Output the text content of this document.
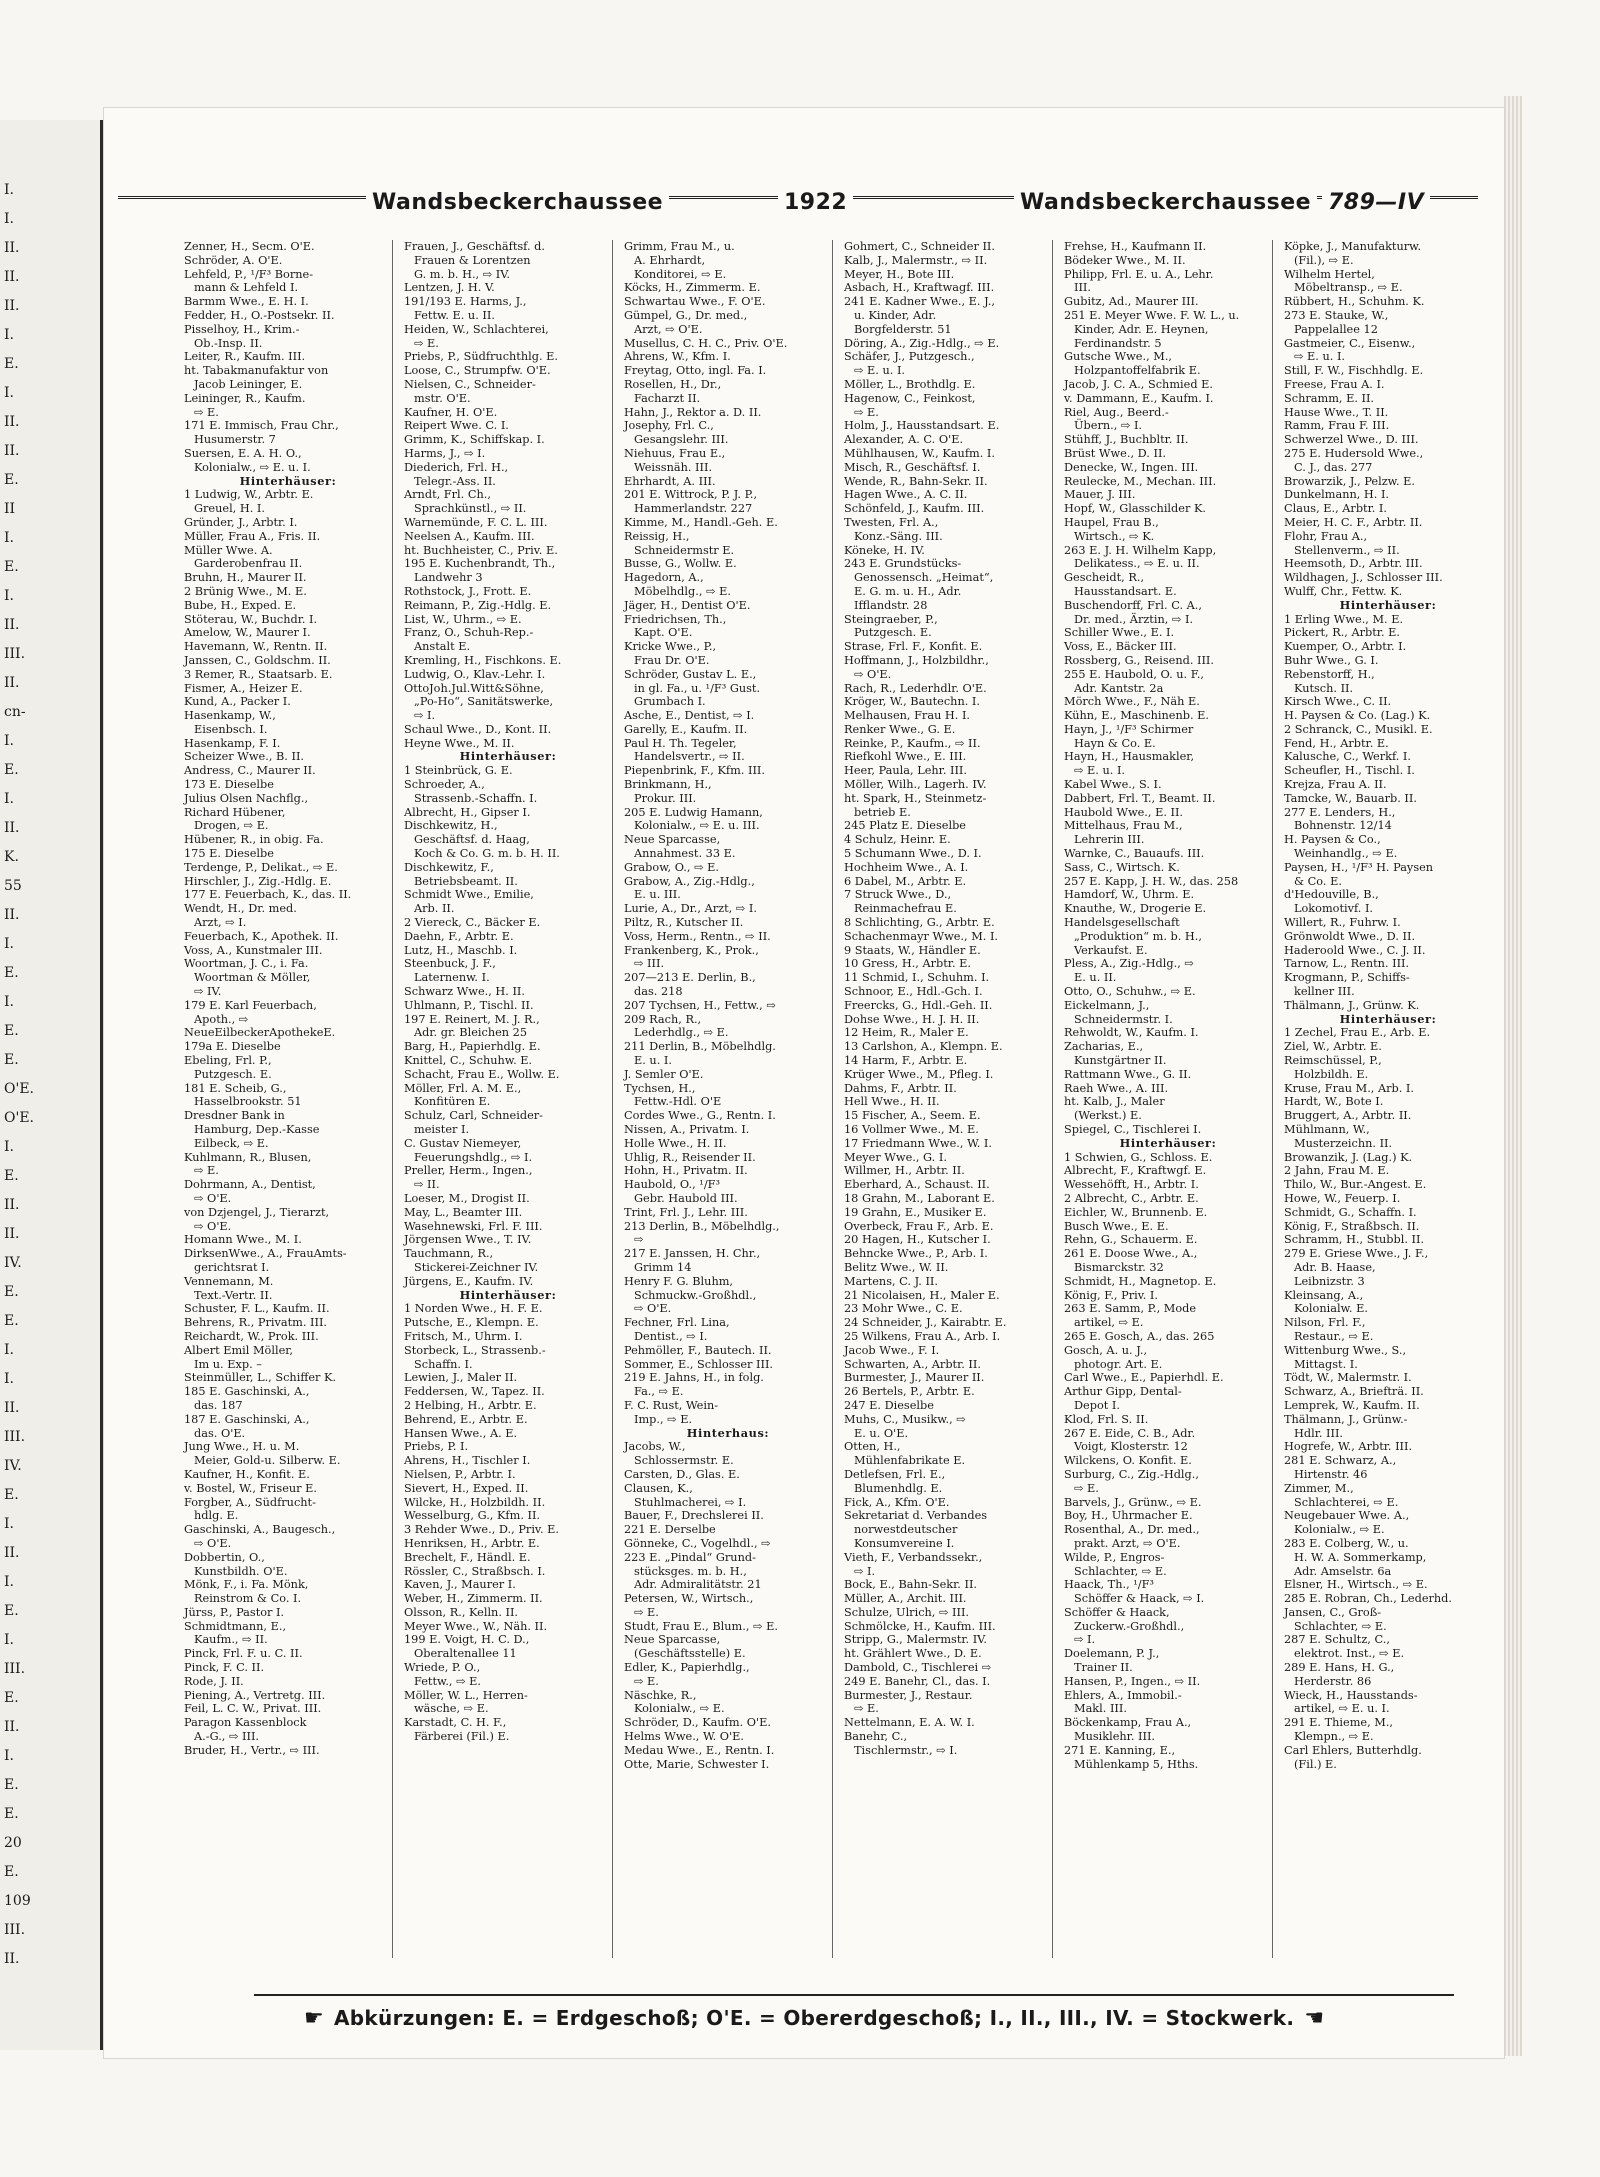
I.
I.
II.
II.
II.
I.
E.
I.
II.
II.
E.
II
I.
E.
I.
II.
III.
II.
cn-
I.
E.
I.
II.
K.
55
II.
I.
E.
I.
E.
E.
O'E.
O'E.
I.
E.
II.
II.
IV.
E.
E.
I.
I.
II.
III.
IV.
E.
I.
II.
I.
E.
I.
III.
E.
II.
I.
E.
E.
20
E.
109
III.
II.
Wandsbeckerchaussee	1922	Wandsbeckerchaussee 789—IV
Zenner, H., Secm. O'E.
Schröder, A. O'E.
Lehfeld, P., ¹/F³ Borne-
mann & Lehfeld I.
Barmm Wwe., E. H. I.
Fedder, H., O.-Postsekr. II.
Pisselhoy, H., Krim.-
Ob.-Insp. II.
Leiter, R., Kaufm. III.
ht. Tabakmanufaktur von
Jacob Leininger, E.
Leininger, R., Kaufm.
⇨ E.
171 E. Immisch, Frau Chr.,
Husumerstr. 7
Suersen, E. A. H. O.,
Kolonialw., ⇨ E. u. I.
Hinterhäuser:
1 Ludwig, W., Arbtr. E.
Greuel, H. I.
Gründer, J., Arbtr. I.
Müller, Frau A., Fris. II.
Müller Wwe. A.
Garderobenfrau II.
Bruhn, H., Maurer II.
2 Brünig Wwe., M. E.
Bube, H., Exped. E.
Stöterau, W., Buchdr. I.
Amelow, W., Maurer I.
Havemann, W., Rentn. II.
Janssen, C., Goldschm. II.
3 Remer, R., Staatsarb. E.
Fismer, A., Heizer E.
Kund, A., Packer I.
Hasenkamp, W.,
Eisenbsch. I.
Hasenkamp, F. I.
Scheizer Wwe., B. II.
Andress, C., Maurer II.
173 E. Dieselbe
Julius Olsen Nachflg.,
Richard Hübener,
Drogen, ⇨ E.
Hübener, R., in obig. Fa.
175 E. Dieselbe
Terdenge, P., Delikat., ⇨ E.
Hirschler, J., Zig.-Hdlg. E.
177 E. Feuerbach, K., das. II.
Wendt, H., Dr. med.
Arzt, ⇨ I.
Feuerbach, K., Apothek. II.
Voss, A., Kunstmaler III.
Woortman, J. C., i. Fa.
Woortman & Möller,
⇨ IV.
179 E. Karl Feuerbach,
Apoth., ⇨
NeueEilbeckerApothekeE.
179a E. Dieselbe
Ebeling, Frl. P.,
Putzgesch. E.
181 E. Scheib, G.,
Hasselbrookstr. 51
Dresdner Bank in
Hamburg, Dep.-Kasse
Eilbeck, ⇨ E.
Kuhlmann, R., Blusen,
⇨ E.
Dohrmann, A., Dentist,
⇨ O'E.
von Dzjengel, J., Tierarzt,
⇨ O'E.
Homann Wwe., M. I.
DirksenWwe., A., FrauAmts-
gerichtsrat I.
Vennemann, M.
Text.-Vertr. II.
Schuster, F. L., Kaufm. II.
Behrens, R., Privatm. III.
Reichardt, W., Prok. III.
Albert Emil Möller,
Im u. Exp. –
Steinmüller, L., Schiffer K.
185 E. Gaschinski, A.,
das. 187
187 E. Gaschinski, A.,
das. O'E.
Jung Wwe., H. u. M.
Meier, Gold-u. Silberw. E.
Kaufner, H., Konfit. E.
v. Bostel, W., Friseur E.
Forgber, A., Südfrucht-
hdlg. E.
Gaschinski, A., Baugesch.,
⇨ O'E.
Dobbertin, O.,
Kunstbildh. O'E.
Mönk, F., i. Fa. Mönk,
Reinstrom & Co. I.
Jürss, P., Pastor I.
Schmidtmann, E.,
Kaufm., ⇨ II.
Pinck, Frl. F. u. C. II.
Pinck, F. C. II.
Rode, J. II.
Piening, A., Vertretg. III.
Feil, L. C. W., Privat. III.
Paragon Kassenblock
A.-G., ⇨ III.
Bruder, H., Vertr., ⇨ III.
Frauen, J., Geschäftsf. d.
Frauen & Lorentzen
G. m. b. H., ⇨ IV.
Lentzen, J. H. V.
191/193 E. Harms, J.,
Fettw. E. u. II.
Heiden, W., Schlachterei,
⇨ E.
Priebs, P., Südfruchthlg. E.
Loose, C., Strumpfw. O'E.
Nielsen, C., Schneider-
mstr. O'E.
Kaufner, H. O'E.
Reipert Wwe. C. I.
Grimm, K., Schiffskap. I.
Harms, J., ⇨ I.
Diederich, Frl. H.,
Telegr.-Ass. II.
Arndt, Frl. Ch.,
Sprachkünstl., ⇨ II.
Warnemünde, F. C. L. III.
Neelsen A., Kaufm. III.
ht. Buchheister, C., Priv. E.
195 E. Kuchenbrandt, Th.,
Landwehr 3
Rothstock, J., Frott. E.
Reimann, P., Zig.-Hdlg. E.
List, W., Uhrm., ⇨ E.
Franz, O., Schuh-Rep.-
Anstalt E.
Kremling, H., Fischkons. E.
Ludwig, O., Klav.-Lehr. I.
OttoJoh.Jul.Witt&Söhne,
„Po-Ho“, Sanitätswerke,
⇨ I.
Schaul Wwe., D., Kont. II.
Heyne Wwe., M. II.
Hinterhäuser:
1 Steinbrück, G. E.
Schroeder, A.,
Strassenb.-Schaffn. I.
Albrecht, H., Gipser I.
Dischkewitz, H.,
Geschäftsf. d. Haag,
Koch & Co. G. m. b. H. II.
Dischkewitz, F.,
Betriebsbeamt. II.
Schmidt Wwe., Emilie,
Arb. II.
2 Viereck, C., Bäcker E.
Daehn, F., Arbtr. E.
Lutz, H., Maschb. I.
Steenbuck, J. F.,
Laternenw. I.
Schwarz Wwe., H. II.
Uhlmann, P., Tischl. II.
197 E. Reinert, M. J. R.,
Adr. gr. Bleichen 25
Barg, H., Papierhdlg. E.
Knittel, C., Schuhw. E.
Schacht, Frau E., Wollw. E.
Möller, Frl. A. M. E.,
Konfitüren E.
Schulz, Carl, Schneider-
meister I.
C. Gustav Niemeyer,
Feuerungshdlg., ⇨ I.
Preller, Herm., Ingen.,
⇨ II.
Loeser, M., Drogist II.
May, L., Beamter III.
Wasehnewski, Frl. F. III.
Jörgensen Wwe., T. IV.
Tauchmann, R.,
Stickerei-Zeichner IV.
Jürgens, E., Kaufm. IV.
Hinterhäuser:
1 Norden Wwe., H. F. E.
Putsche, E., Klempn. E.
Fritsch, M., Uhrm. I.
Storbeck, L., Strassenb.-
Schaffn. I.
Lewien, J., Maler II.
Feddersen, W., Tapez. II.
2 Helbing, H., Arbtr. E.
Behrend, E., Arbtr. E.
Hansen Wwe., A. E.
Priebs, P. I.
Ahrens, H., Tischler I.
Nielsen, P., Arbtr. I.
Sievert, H., Exped. II.
Wilcke, H., Holzbildh. II.
Wesselburg, G., Kfm. II.
3 Rehder Wwe., D., Priv. E.
Henriksen, H., Arbtr. E.
Brechelt, F., Händl. E.
Rössler, C., Straßbsch. I.
Kaven, J., Maurer I.
Weber, H., Zimmerm. II.
Olsson, R., Kelln. II.
Meyer Wwe., W., Näh. II.
199 E. Voigt, H. C. D.,
Oberaltenallee 11
Wriede, P. O.,
Fettw., ⇨ E.
Möller, W. L., Herren-
wäsche, ⇨ E.
Karstadt, C. H. F.,
Färberei (Fil.) E.
Grimm, Frau M., u.
A. Ehrhardt,
Konditorei, ⇨ E.
Köcks, H., Zimmerm. E.
Schwartau Wwe., F. O'E.
Gümpel, G., Dr. med.,
Arzt, ⇨ O'E.
Musellus, C. H. C., Priv. O'E.
Ahrens, W., Kfm. I.
Freytag, Otto, ingl. Fa. I.
Rosellen, H., Dr.,
Facharzt II.
Hahn, J., Rektor a. D. II.
Josephy, Frl. C.,
Gesangslehr. III.
Niehuus, Frau E.,
Weissnäh. III.
Ehrhardt, A. III.
201 E. Wittrock, P. J. P.,
Hammerlandstr. 227
Kimme, M., Handl.-Geh. E.
Reissig, H.,
Schneidermstr E.
Busse, G., Wollw. E.
Hagedorn, A.,
Möbelhdlg., ⇨ E.
Jäger, H., Dentist O'E.
Friedrichsen, Th.,
Kapt. O'E.
Kricke Wwe., P.,
Frau Dr. O'E.
Schröder, Gustav L. E.,
in gl. Fa., u. ¹/F³ Gust.
Grumbach I.
Asche, E., Dentist, ⇨ I.
Garelly, E., Kaufm. II.
Paul H. Th. Tegeler,
Handelsvertr., ⇨ II.
Piepenbrink, F., Kfm. III.
Brinkmann, H.,
Prokur. III.
205 E. Ludwig Hamann,
Kolonialw., ⇨ E. u. III.
Neue Sparcasse,
Annahmest. 33 E.
Grabow, O., ⇨ E.
Grabow, A., Zig.-Hdlg.,
E. u. III.
Lurie, A., Dr., Arzt, ⇨ I.
Piltz, R., Kutscher II.
Voss, Herm., Rentn., ⇨ II.
Frankenberg, K., Prok.,
⇨ III.
207—213 E. Derlin, B.,
das. 218
207 Tychsen, H., Fettw., ⇨
209 Rach, R.,
Lederhdlg., ⇨ E.
211 Derlin, B., Möbelhdlg.
E. u. I.
J. Semler O'E.
Tychsen, H.,
Fettw.-Hdl. O'E
Cordes Wwe., G., Rentn. I.
Nissen, A., Privatm. I.
Holle Wwe., H. II.
Uhlig, R., Reisender II.
Hohn, H., Privatm. II.
Haubold, O., ¹/F³
Gebr. Haubold III.
Trint, Frl. J., Lehr. III.
213 Derlin, B., Möbelhdlg.,
⇨
217 E. Janssen, H. Chr.,
Grimm 14
Henry F. G. Bluhm,
Schmuckw.-Großhdl.,
⇨ O'E.
Fechner, Frl. Lina,
Dentist., ⇨ I.
Pehmöller, F., Bautech. II.
Sommer, E., Schlosser III.
219 E. Jahns, H., in folg.
Fa., ⇨ E.
F. C. Rust, Wein-
Imp., ⇨ E.
Hinterhaus:
Jacobs, W.,
Schlossermstr. E.
Carsten, D., Glas. E.
Clausen, K.,
Stuhlmacherei, ⇨ I.
Bauer, F., Drechslerei II.
221 E. Derselbe
Gönneke, C., Vogelhdl., ⇨
223 E. „Pindal“ Grund-
stücksges. m. b. H.,
Adr. Admiralitätstr. 21
Petersen, W., Wirtsch.,
⇨ E.
Studt, Frau E., Blum., ⇨ E.
Neue Sparcasse,
(Geschäftsstelle) E.
Edler, K., Papierhdlg.,
⇨ E.
Näschke, R.,
Kolonialw., ⇨ E.
Schröder, D., Kaufm. O'E.
Helms Wwe., W. O'E.
Medau Wwe., E., Rentn. I.
Otte, Marie, Schwester I.
Gohmert, C., Schneider II.
Kalb, J., Malermstr., ⇨ II.
Meyer, H., Bote III.
Asbach, H., Kraftwagf. III.
241 E. Kadner Wwe., E. J.,
u. Kinder, Adr.
Borgfelderstr. 51
Döring, A., Zig.-Hdlg., ⇨ E.
Schäfer, J., Putzgesch.,
⇨ E. u. I.
Möller, L., Brothdlg. E.
Hagenow, C., Feinkost,
⇨ E.
Holm, J., Hausstandsart. E.
Alexander, A. C. O'E.
Mühlhausen, W., Kaufm. I.
Misch, R., Geschäftsf. I.
Wende, R., Bahn-Sekr. II.
Hagen Wwe., A. C. II.
Schönfeld, J., Kaufm. III.
Twesten, Frl. A.,
Konz.-Säng. III.
Köneke, H. IV.
243 E. Grundstücks-
Genossensch. „Heimat“,
E. G. m. u. H., Adr.
Ifflandstr. 28
Steingraeber, P.,
Putzgesch. E.
Strase, Frl. F., Konfit. E.
Hoffmann, J., Holzbildhr.,
⇨ O'E.
Rach, R., Lederhdlr. O'E.
Kröger, W., Bautechn. I.
Melhausen, Frau H. I.
Renker Wwe., G. E.
Reinke, P., Kaufm., ⇨ II.
Riefkohl Wwe., E. III.
Heer, Paula, Lehr. III.
Möller, Wilh., Lagerh. IV.
ht. Spark, H., Steinmetz-
betrieb E.
245 Platz E. Dieselbe
4 Schulz, Heinr. E.
5 Schumann Wwe., D. I.
Hochheim Wwe., A. I.
6 Dabel, M., Arbtr. E.
7 Struck Wwe., D.,
Reinmachefrau E.
8 Schlichting, G., Arbtr. E.
Schachenmayr Wwe., M. I.
9 Staats, W., Händler E.
10 Gress, H., Arbtr. E.
11 Schmid, I., Schuhm. I.
Schnoor, E., Hdl.-Gch. I.
Freercks, G., Hdl.-Geh. II.
Dohse Wwe., H. J. H. II.
12 Heim, R., Maler E.
13 Carlshon, A., Klempn. E.
14 Harm, F., Arbtr. E.
Krüger Wwe., M., Pfleg. I.
Dahms, F., Arbtr. II.
Hell Wwe., H. II.
15 Fischer, A., Seem. E.
16 Vollmer Wwe., M. E.
17 Friedmann Wwe., W. I.
Meyer Wwe., G. I.
Willmer, H., Arbtr. II.
Eberhard, A., Schaust. II.
18 Grahn, M., Laborant E.
19 Grahn, E., Musiker E.
Overbeck, Frau F., Arb. E.
20 Hagen, H., Kutscher I.
Behncke Wwe., P., Arb. I.
Belitz Wwe., W. II.
Martens, C. J. II.
21 Nicolaisen, H., Maler E.
23 Mohr Wwe., C. E.
24 Schneider, J., Kairabtr. E.
25 Wilkens, Frau A., Arb. I.
Jacob Wwe., F. I.
Schwarten, A., Arbtr. II.
Burmester, J., Maurer II.
26 Bertels, P., Arbtr. E.
247 E. Dieselbe
Muhs, C., Musikw., ⇨
E. u. O'E.
Otten, H.,
Mühlenfabrikate E.
Detlefsen, Frl. E.,
Blumenhdlg. E.
Fick, A., Kfm. O'E.
Sekretariat d. Verbandes
norwestdeutscher
Konsumvereine I.
Vieth, F., Verbandssekr.,
⇨ I.
Bock, E., Bahn-Sekr. II.
Müller, A., Archit. III.
Schulze, Ulrich, ⇨ III.
Schmölcke, H., Kaufm. III.
Stripp, G., Malermstr. IV.
ht. Grählert Wwe., D. E.
Dambold, C., Tischlerei ⇨
249 E. Banehr, Cl., das. I.
Burmester, J., Restaur.
⇨ E.
Nettelmann, E. A. W. I.
Banehr, C.,
Tischlermstr., ⇨ I.
Frehse, H., Kaufmann II.
Bödeker Wwe., M. II.
Philipp, Frl. E. u. A., Lehr.
III.
Gubitz, Ad., Maurer III.
251 E. Meyer Wwe. F. W. L., u.
Kinder, Adr. E. Heynen,
Ferdinandstr. 5
Gutsche Wwe., M.,
Holzpantoffelfabrik E.
Jacob, J. C. A., Schmied E.
v. Dammann, E., Kaufm. I.
Riel, Aug., Beerd.-
Übern., ⇨ I.
Stühff, J., Buchbltr. II.
Brüst Wwe., D. II.
Denecke, W., Ingen. III.
Reulecke, M., Mechan. III.
Mauer, J. III.
Hopf, W., Glasschilder K.
Haupel, Frau B.,
Wirtsch., ⇨ K.
263 E. J. H. Wilhelm Kapp,
Delikatess., ⇨ E. u. II.
Gescheidt, R.,
Hausstandsart. E.
Buschendorff, Frl. C. A.,
Dr. med., Ärztin, ⇨ I.
Schiller Wwe., E. I.
Voss, E., Bäcker III.
Rossberg, G., Reisend. III.
255 E. Haubold, O. u. F.,
Adr. Kantstr. 2a
Mörch Wwe., F., Näh E.
Kühn, E., Maschinenb. E.
Hayn, J., ¹/F³ Schirmer
Hayn & Co. E.
Hayn, H., Hausmakler,
⇨ E. u. I.
Kabel Wwe., S. I.
Dabbert, Frl. T., Beamt. II.
Haubold Wwe., E. II.
Mittelhaus, Frau M.,
Lehrerin III.
Warnke, C., Bauaufs. III.
Sass, C., Wirtsch. K.
257 E. Kapp, J. H. W., das. 258
Hamdorf, W., Uhrm. E.
Knauthe, W., Drogerie E.
Handelsgesellschaft
„Produktion“ m. b. H.,
Verkaufst. E.
Pless, A., Zig.-Hdlg., ⇨
E. u. II.
Otto, O., Schuhw., ⇨ E.
Eickelmann, J.,
Schneidermstr. I.
Rehwoldt, W., Kaufm. I.
Zacharias, E.,
Kunstgärtner II.
Rattmann Wwe., G. II.
Raeh Wwe., A. III.
ht. Kalb, J., Maler
(Werkst.) E.
Spiegel, C., Tischlerei I.
Hinterhäuser:
1 Schwien, G., Schloss. E.
Albrecht, F., Kraftwgf. E.
Wessehöfft, H., Arbtr. I.
2 Albrecht, C., Arbtr. E.
Eichler, W., Brunnenb. E.
Busch Wwe., E. E.
Rehn, G., Schauerm. E.
261 E. Doose Wwe., A.,
Bismarckstr. 32
Schmidt, H., Magnetop. E.
König, F., Priv. I.
263 E. Samm, P., Mode
artikel, ⇨ E.
265 E. Gosch, A., das. 265
Gosch, A. u. J.,
photogr. Art. E.
Carl Wwe., E., Papierhdl. E.
Arthur Gipp, Dental-
Depot I.
Klod, Frl. S. II.
267 E. Eide, C. B., Adr.
Voigt, Klosterstr. 12
Wilckens, O. Konfit. E.
Surburg, C., Zig.-Hdlg.,
⇨ E.
Barvels, J., Grünw., ⇨ E.
Boy, H., Uhrmacher E.
Rosenthal, A., Dr. med.,
prakt. Arzt, ⇨ O'E.
Wilde, P., Engros-
Schlachter, ⇨ E.
Haack, Th., ¹/F³
Schöffer & Haack, ⇨ I.
Schöffer & Haack,
Zuckerw.-Großhdl.,
⇨ I.
Doelemann, P. J.,
Trainer II.
Hansen, P., Ingen., ⇨ II.
Ehlers, A., Immobil.-
Makl. III.
Böckenkamp, Frau A.,
Musiklehr. III.
271 E. Kanning, E.,
Mühlenkamp 5, Hths.
Köpke, J., Manufakturw.
(Fil.), ⇨ E.
Wilhelm Hertel,
Möbeltransp., ⇨ E.
Rübbert, H., Schuhm. K.
273 E. Stauke, W.,
Pappelallee 12
Gastmeier, C., Eisenw.,
⇨ E. u. I.
Still, F. W., Fischhdlg. E.
Freese, Frau A. I.
Schramm, E. II.
Hause Wwe., T. II.
Ramm, Frau F. III.
Schwerzel Wwe., D. III.
275 E. Hudersold Wwe.,
C. J., das. 277
Browarzik, J., Pelzw. E.
Dunkelmann, H. I.
Claus, E., Arbtr. I.
Meier, H. C. F., Arbtr. II.
Flohr, Frau A.,
Stellenverm., ⇨ II.
Heemsoth, D., Arbtr. III.
Wildhagen, J., Schlosser III.
Wulff, Chr., Fettw. K.
Hinterhäuser:
1 Erling Wwe., M. E.
Pickert, R., Arbtr. E.
Kuemper, O., Arbtr. I.
Buhr Wwe., G. I.
Rebenstorff, H.,
Kutsch. II.
Kirsch Wwe., C. II.
H. Paysen & Co. (Lag.) K.
2 Schranck, C., Musikl. E.
Fend, H., Arbtr. E.
Kalusche, C., Werkf. I.
Scheufler, H., Tischl. I.
Krejza, Frau A. II.
Tamcke, W., Bauarb. II.
277 E. Lenders, H.,
Bohnenstr. 12/14
H. Paysen & Co.,
Weinhandlg., ⇨ E.
Paysen, H., ¹/F³ H. Paysen
& Co. E.
d'Hedouville, B.,
Lokomotivf. I.
Willert, R., Fuhrw. I.
Grönwoldt Wwe., D. II.
Haderoold Wwe., C. J. II.
Tarnow, L., Rentn. III.
Krogmann, P., Schiffs-
kellner III.
Thälmann, J., Grünw. K.
Hinterhäuser:
1 Zechel, Frau E., Arb. E.
Ziel, W., Arbtr. E.
Reimschüssel, P.,
Holzbildh. E.
Kruse, Frau M., Arb. I.
Hardt, W., Bote I.
Bruggert, A., Arbtr. II.
Mühlmann, W.,
Musterzeichn. II.
Browanzik, J. (Lag.) K.
2 Jahn, Frau M. E.
Thilo, W., Bur.-Angest. E.
Howe, W., Feuerp. I.
Schmidt, G., Schaffn. I.
König, F., Straßbsch. II.
Schramm, H., Stubbl. II.
279 E. Griese Wwe., J. F.,
Adr. B. Haase,
Leibnizstr. 3
Kleinsang, A.,
Kolonialw. E.
Nilson, Frl. F.,
Restaur., ⇨ E.
Wittenburg Wwe., S.,
Mittagst. I.
Tödt, W., Malermstr. I.
Schwarz, A., Briefträ. II.
Lemprek, W., Kaufm. II.
Thälmann, J., Grünw.-
Hdlr. III.
Hogrefe, W., Arbtr. III.
281 E. Schwarz, A.,
Hirtenstr. 46
Zimmer, M.,
Schlachterei, ⇨ E.
Neugebauer Wwe. A.,
Kolonialw., ⇨ E.
283 E. Colberg, W., u.
H. W. A. Sommerkamp,
Adr. Amselstr. 6a
Elsner, H., Wirtsch., ⇨ E.
285 E. Robran, Ch., Lederhd.
Jansen, C., Groß-
Schlachter, ⇨ E.
287 E. Schultz, C.,
elektrot. Inst., ⇨ E.
289 E. Hans, H. G.,
Herderstr. 86
Wieck, H., Hausstands-
artikel, ⇨ E. u. I.
291 E. Thieme, M.,
Klempn., ⇨ E.
Carl Ehlers, Butterhdlg.
(Fil.) E.
☛ Abkürzungen: E. = Erdgeschoß; O'E. = Obererdgeschoß; I., II., III., IV. = Stockwerk. ☚
